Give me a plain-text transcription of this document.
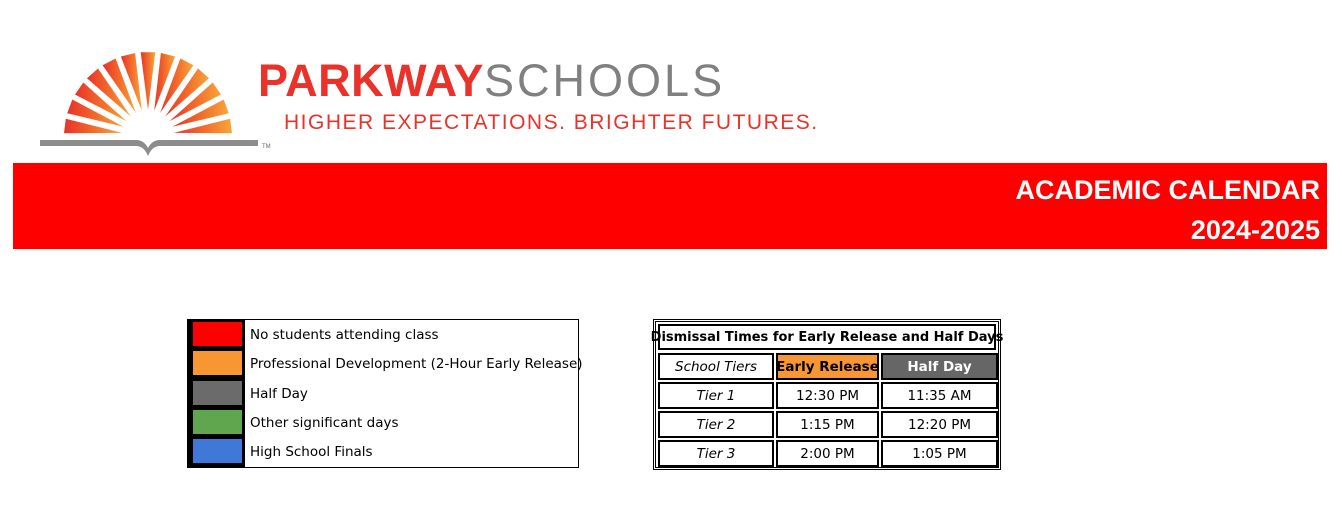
PARKWAYSCHOOLS
HIGHER EXPECTATIONS. BRIGHTER FUTURES.
TM
ACADEMIC CALENDAR
2024-2025
No students attending class
Professional Development (2-Hour Early Release)
Half Day
Other significant days
High School Finals
Dismissal Times for Early Release and Half Days
School Tiers	Early Release	Half Day
Tier 1	12:30 PM	11:35 AM
Tier 2	1:15 PM	12:20 PM
Tier 3	2:00 PM	1:05 PM
